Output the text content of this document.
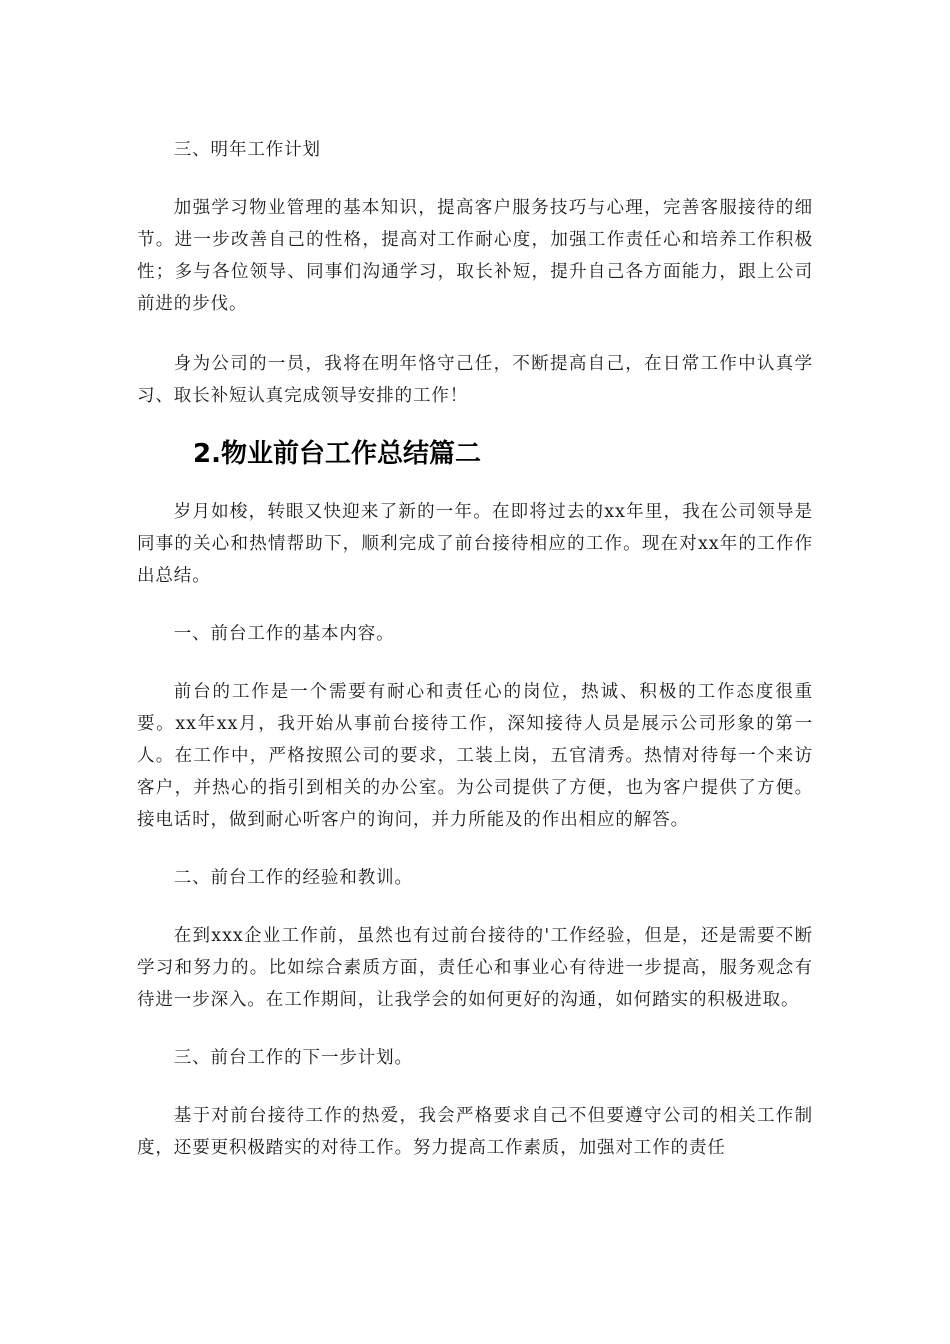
三、明年工作计划

加强学习物业管理的基本知识，提高客户服务技巧与心理，完善客服接待的细节。进一步改善自己的性格，提高对工作耐心度，加强工作责任心和培养工作积极性；多与各位领导、同事们沟通学习，取长补短，提升自己各方面能力，跟上公司前进的步伐。

身为公司的一员，我将在明年恪守己任，不断提高自己，在日常工作中认真学习、取长补短认真完成领导安排的工作！

2.物业前台工作总结篇二

岁月如梭，转眼又快迎来了新的一年。在即将过去的xx年里，我在公司领导是同事的关心和热情帮助下，顺利完成了前台接待相应的工作。现在对xx年的工作作出总结。

一、前台工作的基本内容。

前台的工作是一个需要有耐心和责任心的岗位，热诚、积极的工作态度很重要。xx年xx月，我开始从事前台接待工作，深知接待人员是展示公司形象的第一人。在工作中，严格按照公司的要求，工装上岗，五官清秀。热情对待每一个来访客户，并热心的指引到相关的办公室。为公司提供了方便，也为客户提供了方便。接电话时，做到耐心听客户的询问，并力所能及的作出相应的解答。

二、前台工作的经验和教训。

在到xxx企业工作前，虽然也有过前台接待的'工作经验，但是，还是需要不断学习和努力的。比如综合素质方面，责任心和事业心有待进一步提高，服务观念有待进一步深入。在工作期间，让我学会的如何更好的沟通，如何踏实的积极进取。

三、前台工作的下一步计划。

基于对前台接待工作的热爱，我会严格要求自己不但要遵守公司的相关工作制度，还要更积极踏实的对待工作。努力提高工作素质，加强对工作的责任
